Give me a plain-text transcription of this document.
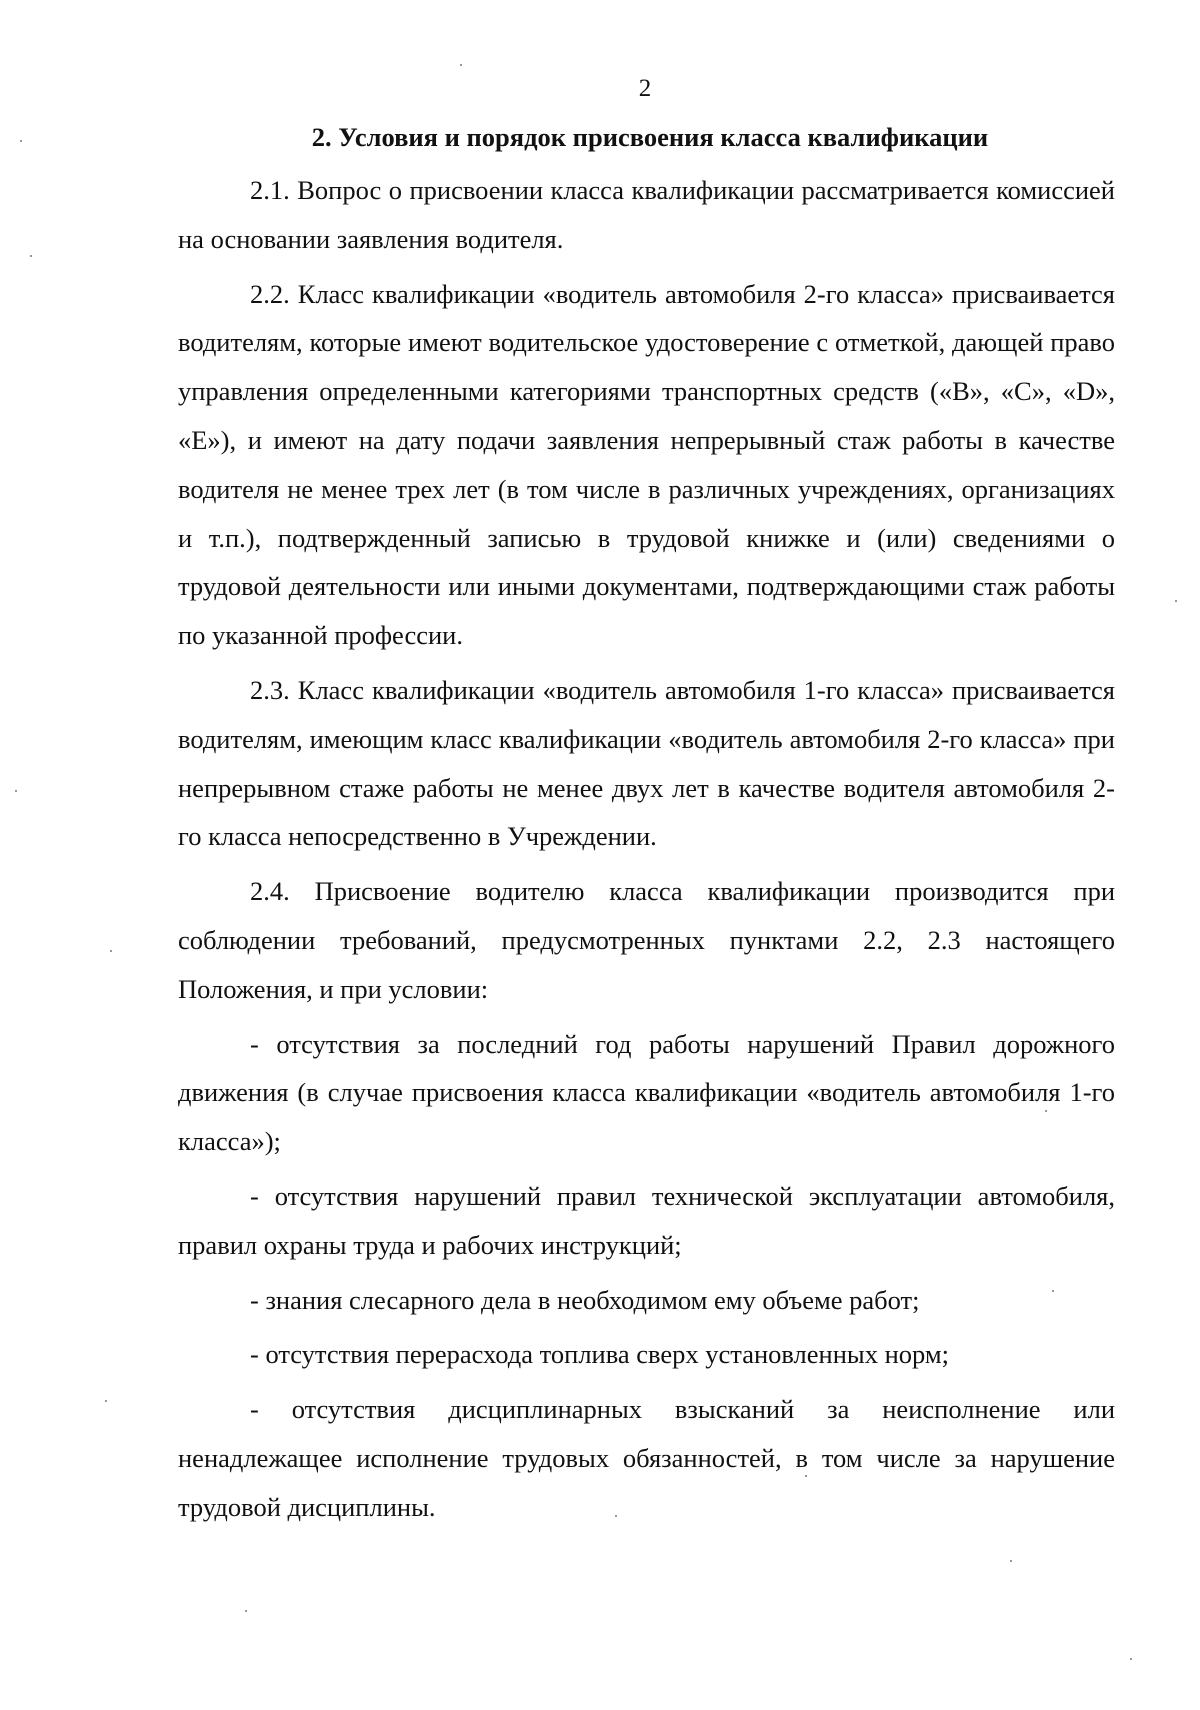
2
2. Условия и порядок присвоения класса квалификации

2.1. Вопрос о присвоении класса квалификации рассматривается комиссией на основании заявления водителя.

2.2. Класс квалификации «водитель автомобиля 2-го класса» присваивается водителям, которые имеют водительское удостоверение с отметкой, дающей право управления определенными категориями транспортных средств («В», «С», «D», «Е»), и имеют на дату подачи заявления непрерывный стаж работы в качестве водителя не менее трех лет (в том числе в различных учреждениях, организациях и т.п.), подтвержденный записью в трудовой книжке и (или) сведениями о трудовой деятельности или иными документами, подтверждающими стаж работы по указанной профессии.

2.3. Класс квалификации «водитель автомобиля 1-го класса» присваивается водителям, имеющим класс квалификации «водитель автомобиля 2-го класса» при непрерывном стаже работы не менее двух лет в качестве водителя автомобиля 2-го класса непосредственно в Учреждении.

2.4. Присвоение водителю класса квалификации производится при соблюдении требований, предусмотренных пунктами 2.2, 2.3 настоящего Положения, и при условии:

- отсутствия за последний год работы нарушений Правил дорожного движения (в случае присвоения класса квалификации «водитель автомобиля 1-го класса»);

- отсутствия нарушений правил технической эксплуатации автомобиля, правил охраны труда и рабочих инструкций;

- знания слесарного дела в необходимом ему объеме работ;

- отсутствия перерасхода топлива сверх установленных норм;

- отсутствия дисциплинарных взысканий за неисполнение или ненадлежащее исполнение трудовых обязанностей, в том числе за нарушение трудовой дисциплины.
